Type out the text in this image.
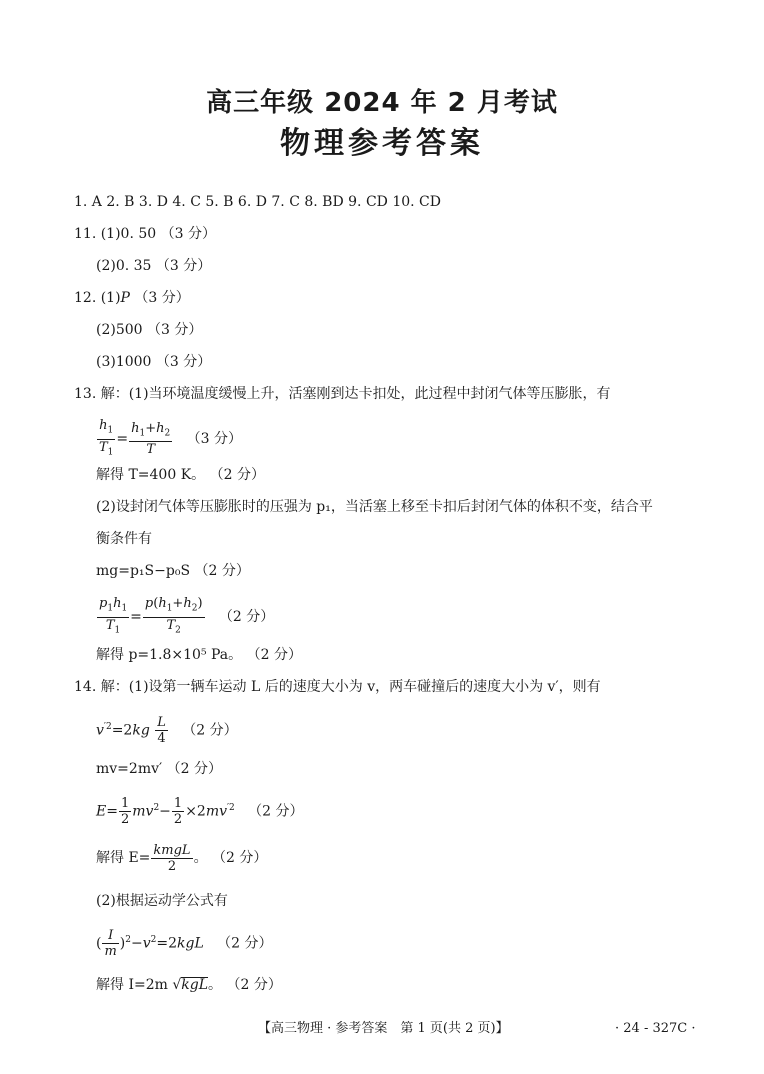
高三年级 2024 年 2 月考试
物理参考答案
1. A 2. B 3. D 4. C 5. B 6. D 7. C 8. BD 9. CD 10. CD
11. (1)0. 50 （3 分）
(2)0. 35 （3 分）
12. (1)P （3 分）
(2)500 （3 分）
(3)1000 （3 分）
13. 解：(1)当环境温度缓慢上升，活塞刚到达卡扣处，此过程中封闭气体等压膨胀，有
$\frac{h_1}{T_1} = \frac{h_1+h_2}{T} (3$ 分）
解得 T=400 K。 （2 分）
(2)设封闭气体等压膨胀时的压强为 p₁，当活塞上移至卡扣后封闭气体的体积不变，结合平
衡条件有
mg=p₁S−p₀S （2 分）
$\frac{p_1h_1}{T_1} = \frac{p(h_1+h_2)}{T_2} (2$ 分）
解得 p=1.8×10⁵ Pa。 （2 分）
14. 解：(1)设第一辆车运动 L 后的速度大小为 v，两车碰撞后的速度大小为 v′，则有
$v^{'2}=2kg \frac{L}{4} (2$ 分）
mv=2mv′ （2 分）
$E= \frac{1}{2} mv^2- \frac{1}{2} \times 2mv^{'2}$ （2 分）
解得 $E= \frac{\text{kmgL}}{2}$ 。 （2 分）
(2)根据运动学公式有
( $\frac{I}{m} )^2-v^2=2kgL$ （2 分）
解得 I=2m √kgL。 （2 分）
【高三物理 · 参考答案　第 1 页(共 2 页)】	· 24 - 327C ·
